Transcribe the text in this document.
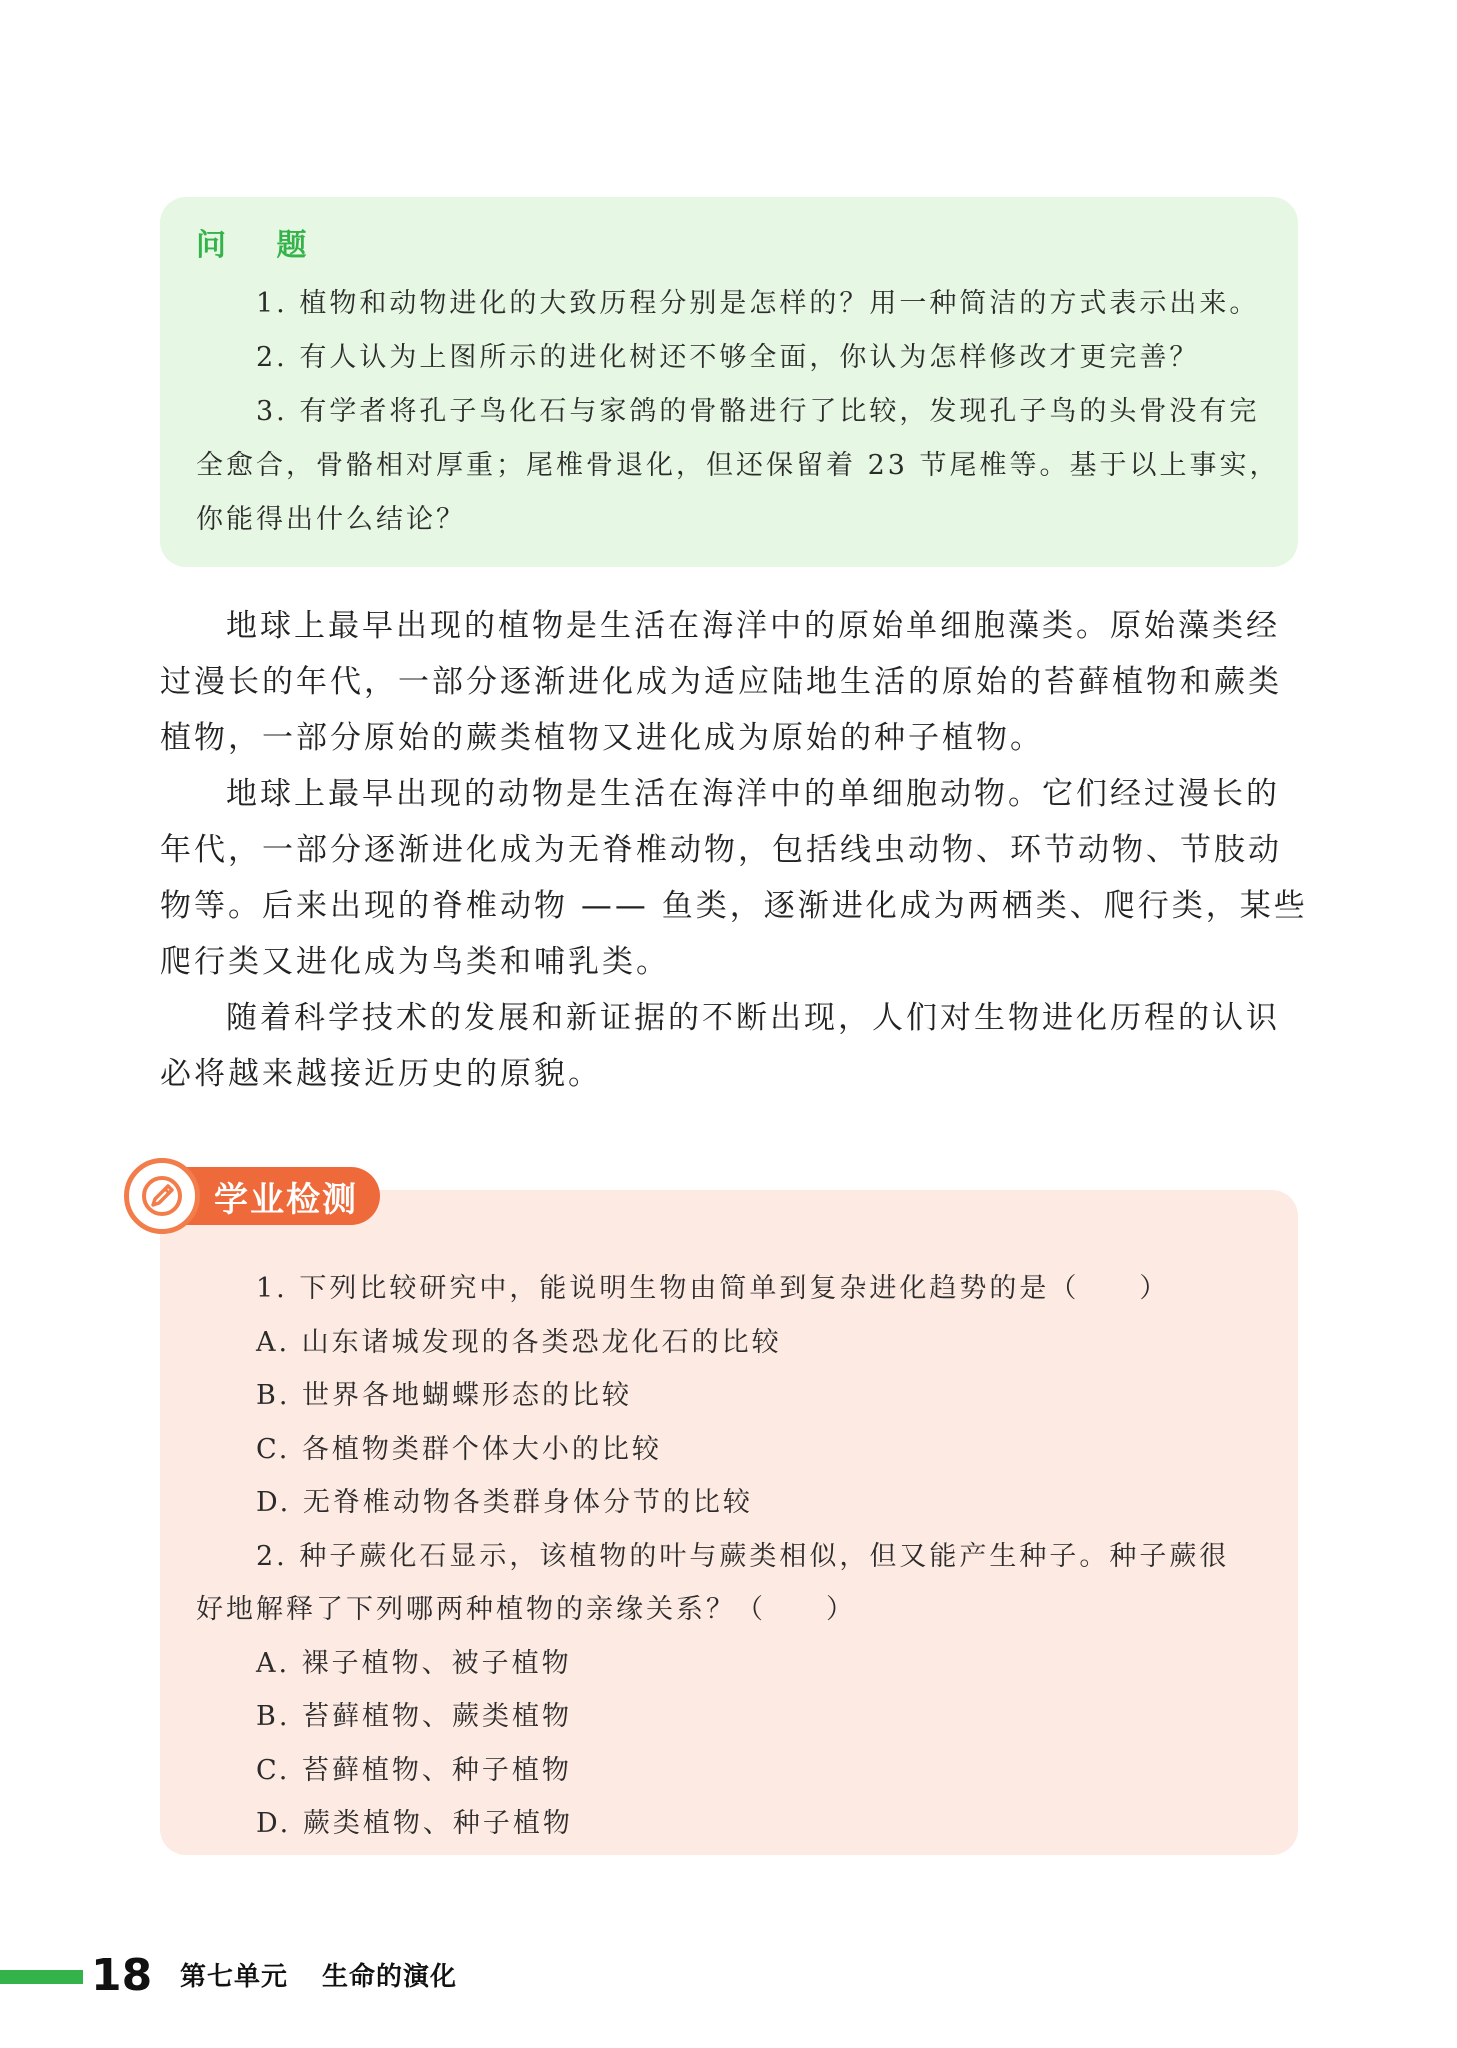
问 题
1. 植物和动物进化的大致历程分别是怎样的？用一种简洁的方式表示出来。
2. 有人认为上图所示的进化树还不够全面，你认为怎样修改才更完善？
3. 有学者将孔子鸟化石与家鸽的骨骼进行了比较，发现孔子鸟的头骨没有完
全愈合，骨骼相对厚重；尾椎骨退化，但还保留着 23 节尾椎等。基于以上事实，
你能得出什么结论？
地球上最早出现的植物是生活在海洋中的原始单细胞藻类。原始藻类经
过漫长的年代，一部分逐渐进化成为适应陆地生活的原始的苔藓植物和蕨类
植物，一部分原始的蕨类植物又进化成为原始的种子植物。
地球上最早出现的动物是生活在海洋中的单细胞动物。它们经过漫长的
年代，一部分逐渐进化成为无脊椎动物，包括线虫动物、环节动物、节肢动
物等。后来出现的脊椎动物 —— 鱼类，逐渐进化成为两栖类、爬行类，某些
爬行类又进化成为鸟类和哺乳类。
随着科学技术的发展和新证据的不断出现，人们对生物进化历程的认识
必将越来越接近历史的原貌。
1. 下列比较研究中，能说明生物由简单到复杂进化趋势的是（　　）
A. 山东诸城发现的各类恐龙化石的比较
B. 世界各地蝴蝶形态的比较
C. 各植物类群个体大小的比较
D. 无脊椎动物各类群身体分节的比较
2. 种子蕨化石显示，该植物的叶与蕨类相似，但又能产生种子。种子蕨很
好地解释了下列哪两种植物的亲缘关系？（　　）
A. 裸子植物、被子植物
B. 苔藓植物、蕨类植物
C. 苔藓植物、种子植物
D. 蕨类植物、种子植物
学业检测
18 第七单元 生命的演化
